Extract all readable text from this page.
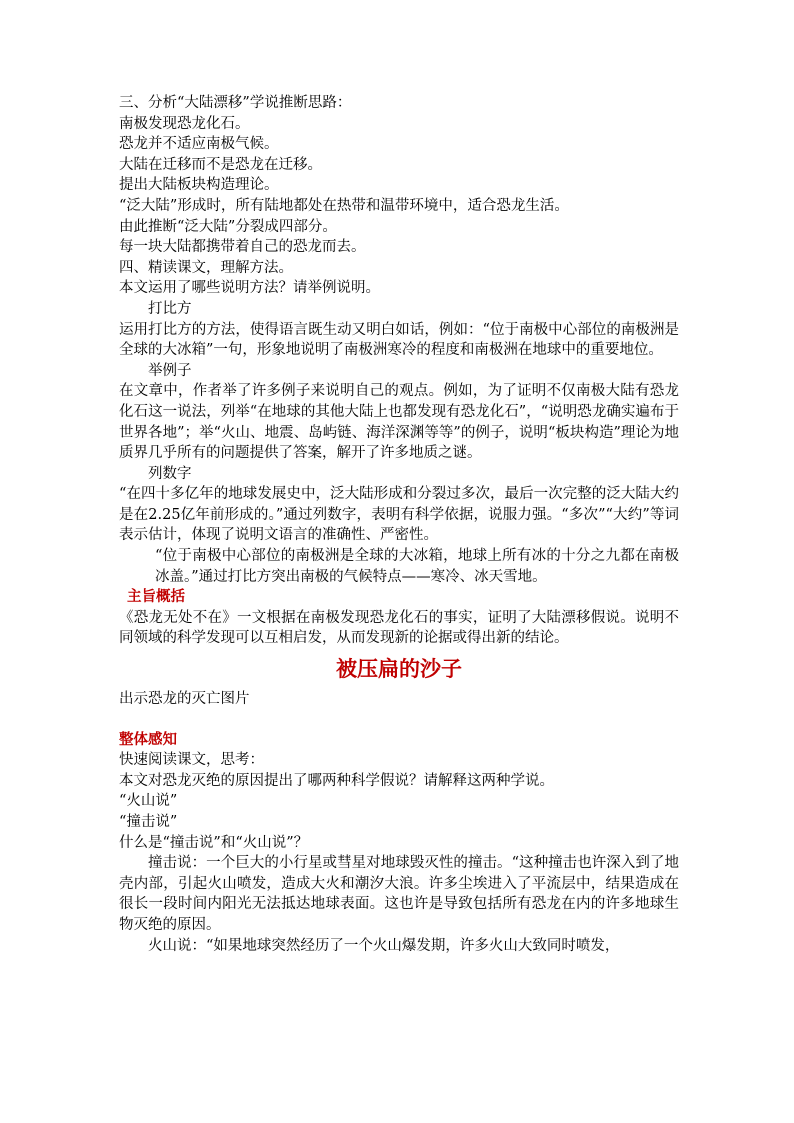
三、分析“大陆漂移”学说推断思路：
南极发现恐龙化石。
恐龙并不适应南极气候。
大陆在迁移而不是恐龙在迁移。
提出大陆板块构造理论。
“泛大陆”形成时，所有陆地都处在热带和温带环境中，适合恐龙生活。
由此推断“泛大陆”分裂成四部分。
每一块大陆都携带着自己的恐龙而去。
四、精读课文，理解方法。
本文运用了哪些说明方法？请举例说明。
打比方
运用打比方的方法，使得语言既生动又明白如话，例如：“位于南极中心部位的南极洲是全球的大冰箱”一句，形象地说明了南极洲寒冷的程度和南极洲在地球中的重要地位。
举例子
在文章中，作者举了许多例子来说明自己的观点。例如，为了证明不仅南极大陆有恐龙化石这一说法，列举“在地球的其他大陆上也都发现有恐龙化石”，“说明恐龙确实遍布于世界各地”；举“火山、地震、岛屿链、海洋深渊等等”的例子，说明“板块构造”理论为地质界几乎所有的问题提供了答案，解开了许多地质之谜。
列数字
“在四十多亿年的地球发展史中，泛大陆形成和分裂过多次，最后一次完整的泛大陆大约是在2.25亿年前形成的。”通过列数字，表明有科学依据，说服力强。“多次”“大约”等词表示估计，体现了说明文语言的准确性、严密性。
“位于南极中心部位的南极洲是全球的大冰箱，地球上所有冰的十分之九都在南极冰盖。”通过打比方突出南极的气候特点——寒冷、冰天雪地。
主旨概括
《恐龙无处不在》一文根据在南极发现恐龙化石的事实，证明了大陆漂移假说。说明不同领域的科学发现可以互相启发，从而发现新的论据或得出新的结论。
被压扁的沙子
出示恐龙的灭亡图片
整体感知
快速阅读课文，思考：
本文对恐龙灭绝的原因提出了哪两种科学假说？请解释这两种学说。
“火山说”
“撞击说”
什么是“撞击说”和“火山说”？
撞击说：一个巨大的小行星或彗星对地球毁灭性的撞击。“这种撞击也许深入到了地壳内部，引起火山喷发，造成大火和潮汐大浪。许多尘埃进入了平流层中，结果造成在很长一段时间内阳光无法抵达地球表面。这也许是导致包括所有恐龙在内的许多地球生物灭绝的原因。
火山说：“如果地球突然经历了一个火山爆发期，许多火山大致同时喷发，
